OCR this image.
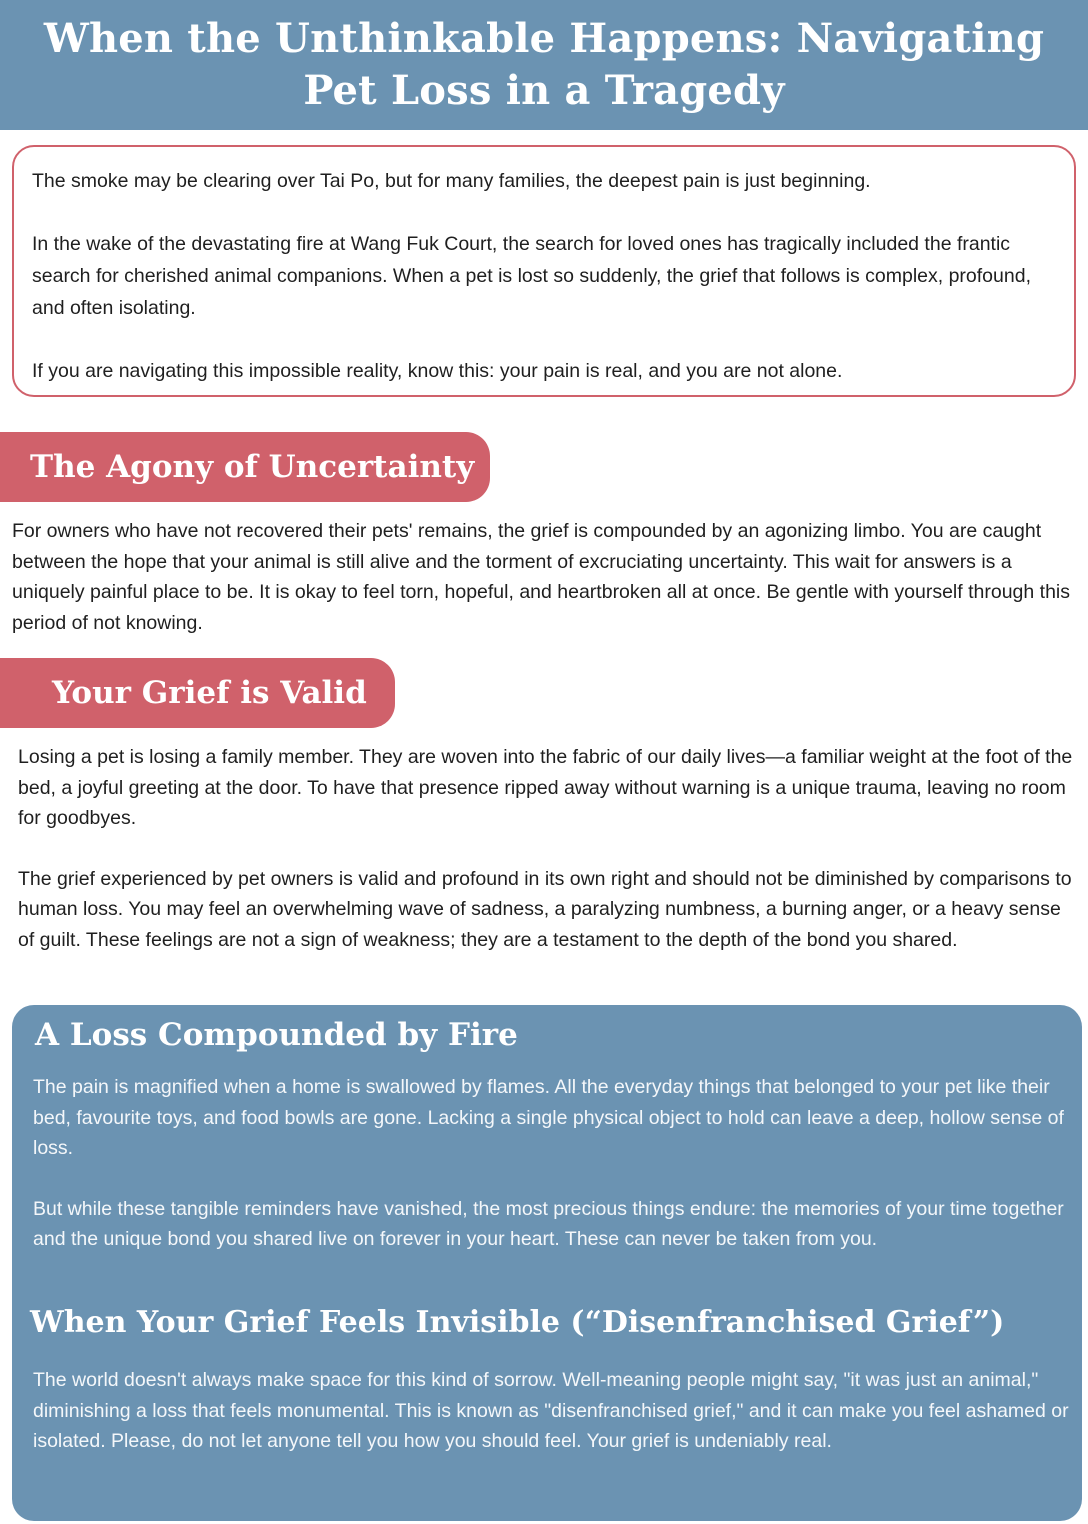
When the Unthinkable Happens: Navigating Pet Loss in a Tragedy

The smoke may be clearing over Tai Po, but for many families, the deepest pain is just beginning.

In the wake of the devastating fire at Wang Fuk Court, the search for loved ones has tragically included the frantic search for cherished animal companions. When a pet is lost so suddenly, the grief that follows is complex, profound, and often isolating.

If you are navigating this impossible reality, know this: your pain is real, and you are not alone.

The Agony of Uncertainty

For owners who have not recovered their pets' remains, the grief is compounded by an agonizing limbo. You are caught between the hope that your animal is still alive and the torment of excruciating uncertainty. This wait for answers is a uniquely painful place to be. It is okay to feel torn, hopeful, and heartbroken all at once. Be gentle with yourself through this period of not knowing.

Your Grief is Valid

Losing a pet is losing a family member. They are woven into the fabric of our daily lives—a familiar weight at the foot of the bed, a joyful greeting at the door. To have that presence ripped away without warning is a unique trauma, leaving no room for goodbyes.

The grief experienced by pet owners is valid and profound in its own right and should not be diminished by comparisons to human loss. You may feel an overwhelming wave of sadness, a paralyzing numbness, a burning anger, or a heavy sense of guilt. These feelings are not a sign of weakness; they are a testament to the depth of the bond you shared.

A Loss Compounded by Fire

The pain is magnified when a home is swallowed by flames. All the everyday things that belonged to your pet like their bed, favourite toys, and food bowls are gone. Lacking a single physical object to hold can leave a deep, hollow sense of loss.

But while these tangible reminders have vanished, the most precious things endure: the memories of your time together and the unique bond you shared live on forever in your heart. These can never be taken from you.

When Your Grief Feels Invisible (“Disenfranchised Grief”)

The world doesn't always make space for this kind of sorrow. Well-meaning people might say, "it was just an animal," diminishing a loss that feels monumental. This is known as "disenfranchised grief," and it can make you feel ashamed or isolated. Please, do not let anyone tell you how you should feel. Your grief is undeniably real.
